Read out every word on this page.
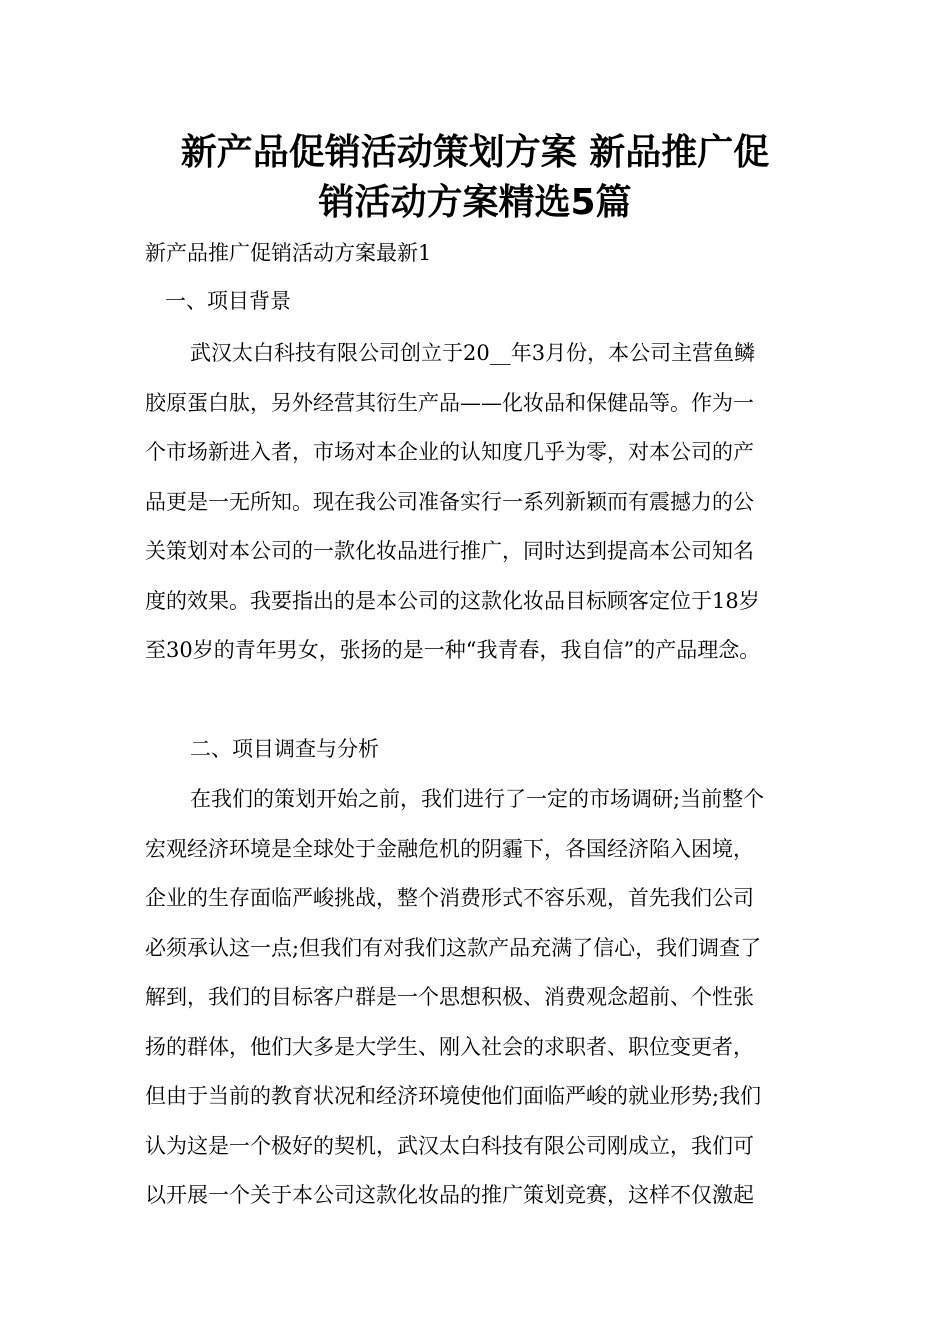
新产品促销活动策划方案 新品推广促
销活动方案精选5篇

新产品推广促销活动方案最新1

一、项目背景

武汉太白科技有限公司创立于20__年3月份，本公司主营鱼鳞
胶原蛋白肽，另外经营其衍生产品——化妆品和保健品等。作为一
个市场新进入者，市场对本企业的认知度几乎为零，对本公司的产
品更是一无所知。现在我公司准备实行一系列新颖而有震撼力的公
关策划对本公司的一款化妆品进行推广，同时达到提高本公司知名
度的效果。我要指出的是本公司的这款化妆品目标顾客定位于18岁
至30岁的青年男女，张扬的是一种“我青春，我自信”的产品理念。

二、项目调查与分析

在我们的策划开始之前，我们进行了一定的市场调研;当前整个
宏观经济环境是全球处于金融危机的阴霾下，各国经济陷入困境，
企业的生存面临严峻挑战，整个消费形式不容乐观，首先我们公司
必须承认这一点;但我们有对我们这款产品充满了信心，我们调查了
解到，我们的目标客户群是一个思想积极、消费观念超前、个性张
扬的群体，他们大多是大学生、刚入社会的求职者、职位变更者，
但由于当前的教育状况和经济环境使他们面临严峻的就业形势;我们
认为这是一个极好的契机，武汉太白科技有限公司刚成立，我们可
以开展一个关于本公司这款化妆品的推广策划竞赛，这样不仅激起
